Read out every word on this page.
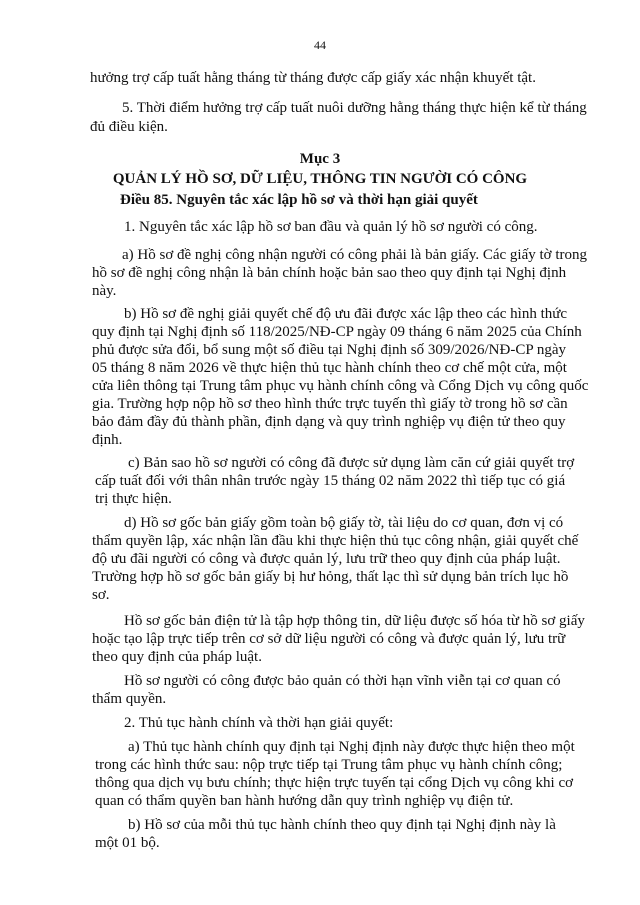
44
hưởng trợ cấp tuất hằng tháng từ tháng được cấp giấy xác nhận khuyết tật.
5. Thời điểm hưởng trợ cấp tuất nuôi dưỡng hằng tháng thực hiện kể từ tháng
đủ điều kiện.
Mục 3
QUẢN LÝ HỒ SƠ, DỮ LIỆU, THÔNG TIN NGƯỜI CÓ CÔNG
Điều 85. Nguyên tắc xác lập hồ sơ và thời hạn giải quyết
1. Nguyên tắc xác lập hồ sơ ban đầu và quản lý hồ sơ người có công.
a) Hồ sơ đề nghị công nhận người có công phải là bản giấy. Các giấy tờ trong
hồ sơ đề nghị công nhận là bản chính hoặc bản sao theo quy định tại Nghị định
này.
b) Hồ sơ đề nghị giải quyết chế độ ưu đãi được xác lập theo các hình thức
quy định tại Nghị định số 118/2025/NĐ-CP ngày 09 tháng 6 năm 2025 của Chính
phủ được sửa đổi, bổ sung một số điều tại Nghị định số 309/2026/NĐ-CP ngày
05 tháng 8 năm 2026 về thực hiện thủ tục hành chính theo cơ chế một cửa, một
cửa liên thông tại Trung tâm phục vụ hành chính công và Cổng Dịch vụ công quốc
gia. Trường hợp nộp hồ sơ theo hình thức trực tuyến thì giấy tờ trong hồ sơ cần
bảo đảm đầy đủ thành phần, định dạng và quy trình nghiệp vụ điện tử theo quy
định.
c) Bản sao hồ sơ người có công đã được sử dụng làm căn cứ giải quyết trợ
cấp tuất đối với thân nhân trước ngày 15 tháng 02 năm 2022 thì tiếp tục có giá
trị thực hiện.
d) Hồ sơ gốc bản giấy gồm toàn bộ giấy tờ, tài liệu do cơ quan, đơn vị có
thẩm quyền lập, xác nhận lần đầu khi thực hiện thủ tục công nhận, giải quyết chế
độ ưu đãi người có công và được quản lý, lưu trữ theo quy định của pháp luật.
Trường hợp hồ sơ gốc bản giấy bị hư hỏng, thất lạc thì sử dụng bản trích lục hồ
sơ.
Hồ sơ gốc bản điện tử là tập hợp thông tin, dữ liệu được số hóa từ hồ sơ giấy
hoặc tạo lập trực tiếp trên cơ sở dữ liệu người có công và được quản lý, lưu trữ
theo quy định của pháp luật.
Hồ sơ người có công được bảo quản có thời hạn vĩnh viễn tại cơ quan có
thẩm quyền.
2. Thủ tục hành chính và thời hạn giải quyết:
a) Thủ tục hành chính quy định tại Nghị định này được thực hiện theo một
trong các hình thức sau: nộp trực tiếp tại Trung tâm phục vụ hành chính công;
thông qua dịch vụ bưu chính; thực hiện trực tuyến tại cổng Dịch vụ công khi cơ
quan có thẩm quyền ban hành hướng dẫn quy trình nghiệp vụ điện tử.
b) Hồ sơ của mỗi thủ tục hành chính theo quy định tại Nghị định này là
một 01 bộ.
